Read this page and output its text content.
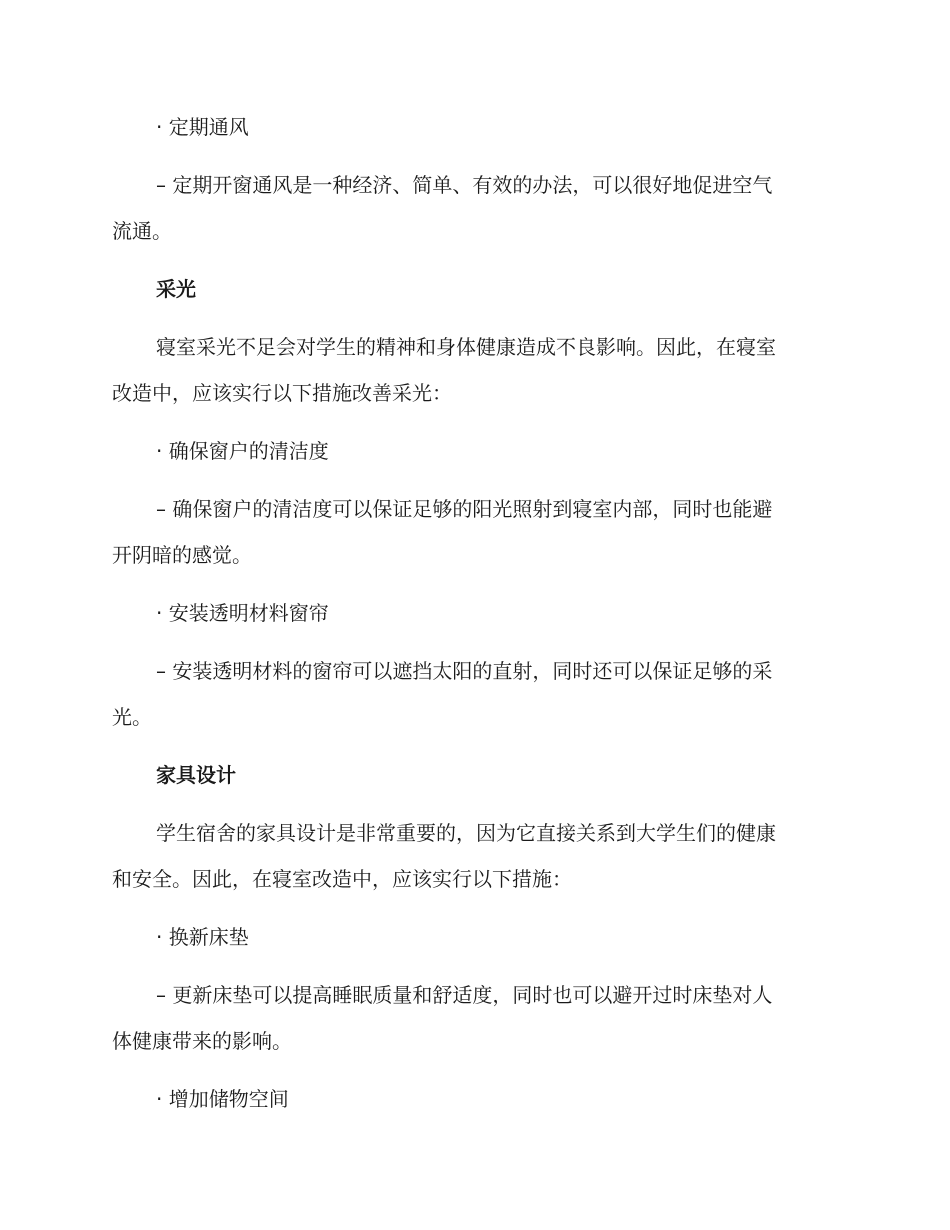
· 定期通风
– 定期开窗通风是一种经济、简单、有效的办法，可以很好地促进空气
流通。
采光
寝室采光不足会对学生的精神和身体健康造成不良影响。因此，在寝室
改造中，应该实行以下措施改善采光：
· 确保窗户的清洁度
– 确保窗户的清洁度可以保证足够的阳光照射到寝室内部，同时也能避
开阴暗的感觉。
· 安装透明材料窗帘
– 安装透明材料的窗帘可以遮挡太阳的直射，同时还可以保证足够的采
光。
家具设计
学生宿舍的家具设计是非常重要的，因为它直接关系到大学生们的健康
和安全。因此，在寝室改造中，应该实行以下措施：
· 换新床垫
– 更新床垫可以提高睡眠质量和舒适度，同时也可以避开过时床垫对人
体健康带来的影响。
· 增加储物空间
